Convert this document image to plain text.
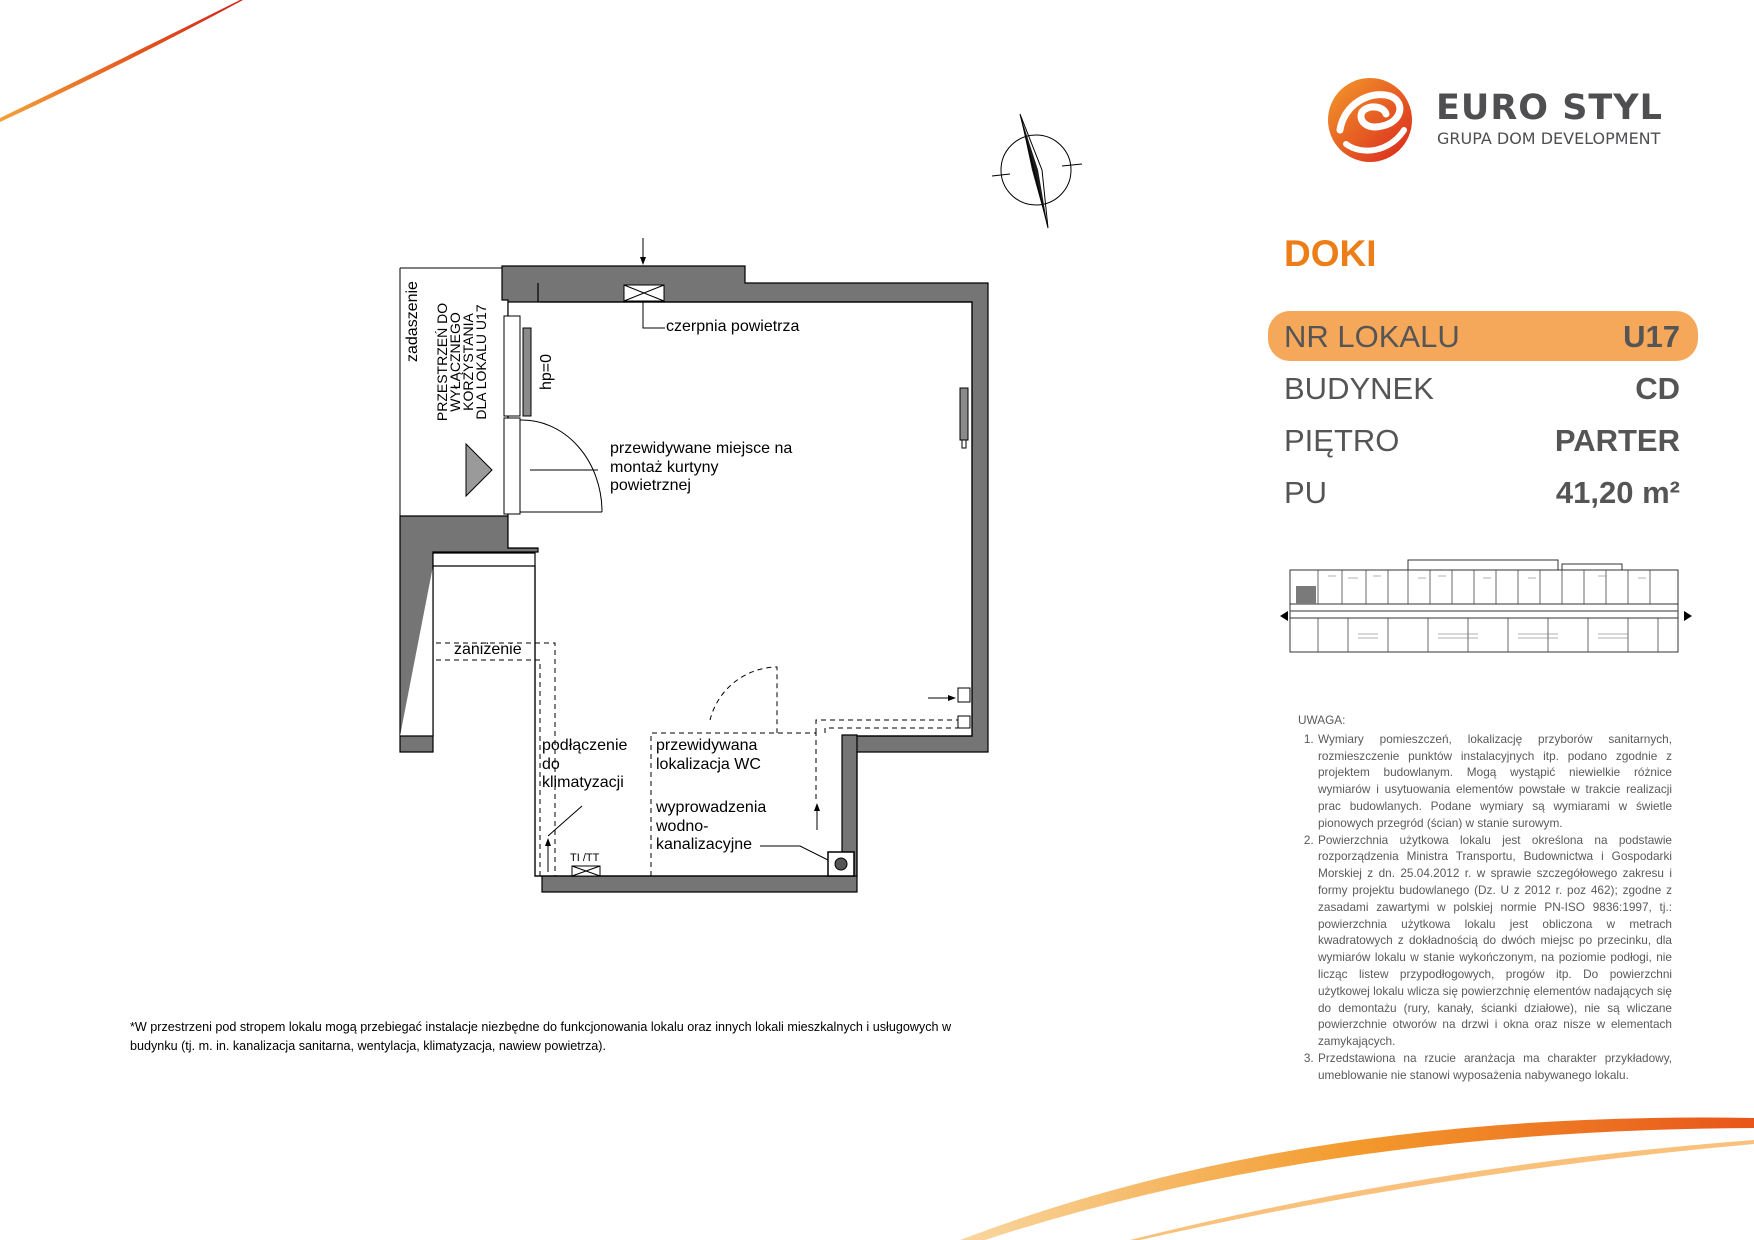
EURO STYL
GRUPA DOM DEVELOPMENT
DOKI
NR LOKALU	U17
BUDYNEK	CD
PIĘTRO	PARTER
PU	41,20 m²
UWAGA:
1. Wymiary pomieszczeń, lokalizację przyborów sanitarnych, rozmieszczenie punktów instalacyjnych itp. podano zgodnie z projektem budowlanym. Mogą wystąpić niewielkie różnice wymiarów i usytuowania elementów powstałe w trakcie realizacji prac budowlanych. Podane wymiary są wymiarami w świetle pionowych przegród (ścian) w stanie surowym.
2. Powierzchnia użytkowa lokalu jest określona na podstawie rozporządzenia Ministra Transportu, Budownictwa i Gospodarki Morskiej z dn. 25.04.2012 r. w sprawie szczegółowego zakresu i formy projektu budowlanego (Dz. U z 2012 r. poz 462); zgodne z zasadami zawartymi w polskiej normie PN-ISO 9836:1997, tj.: powierzchnia użytkowa lokalu jest obliczona w metrach kwadratowych z dokładnością do dwóch miejsc po przecinku, dla wymiarów lokalu w stanie wykończonym, na poziomie podłogi, nie licząc listew przypodłogowych, progów itp. Do powierzchni użytkowej lokalu wlicza się powierzchnię elementów nadających się do demontażu (rury, kanały, ścianki działowe), nie są wliczane powierzchnie otworów na drzwi i okna oraz nisze w elementach zamykających.
3. Przedstawiona na rzucie aranżacja ma charakter przykładowy, umeblowanie nie stanowi wyposażenia nabywanego lokalu.
zadaszenie PRZESTRZEŃ DO
WYŁĄCZNEGO KORZYSTANIA
DLA LOKALU U17	hp=0
czerpnia powietrza
przewidywane miejsce na
montaż kurtyny
powietrznej
zaniżenie
podłączenie
do
klimatyzacji
przewidywana
lokalizacja WC
wyprowadzenia
wodno-
kanalizacyjne
TI /TT
*W przestrzeni pod stropem lokalu mogą przebiegać instalacje niezbędne do funkcjonowania lokalu oraz innych lokali mieszkalnych i usługowych w budynku (tj. m. in. kanalizacja sanitarna, wentylacja, klimatyzacja, nawiew powietrza).
